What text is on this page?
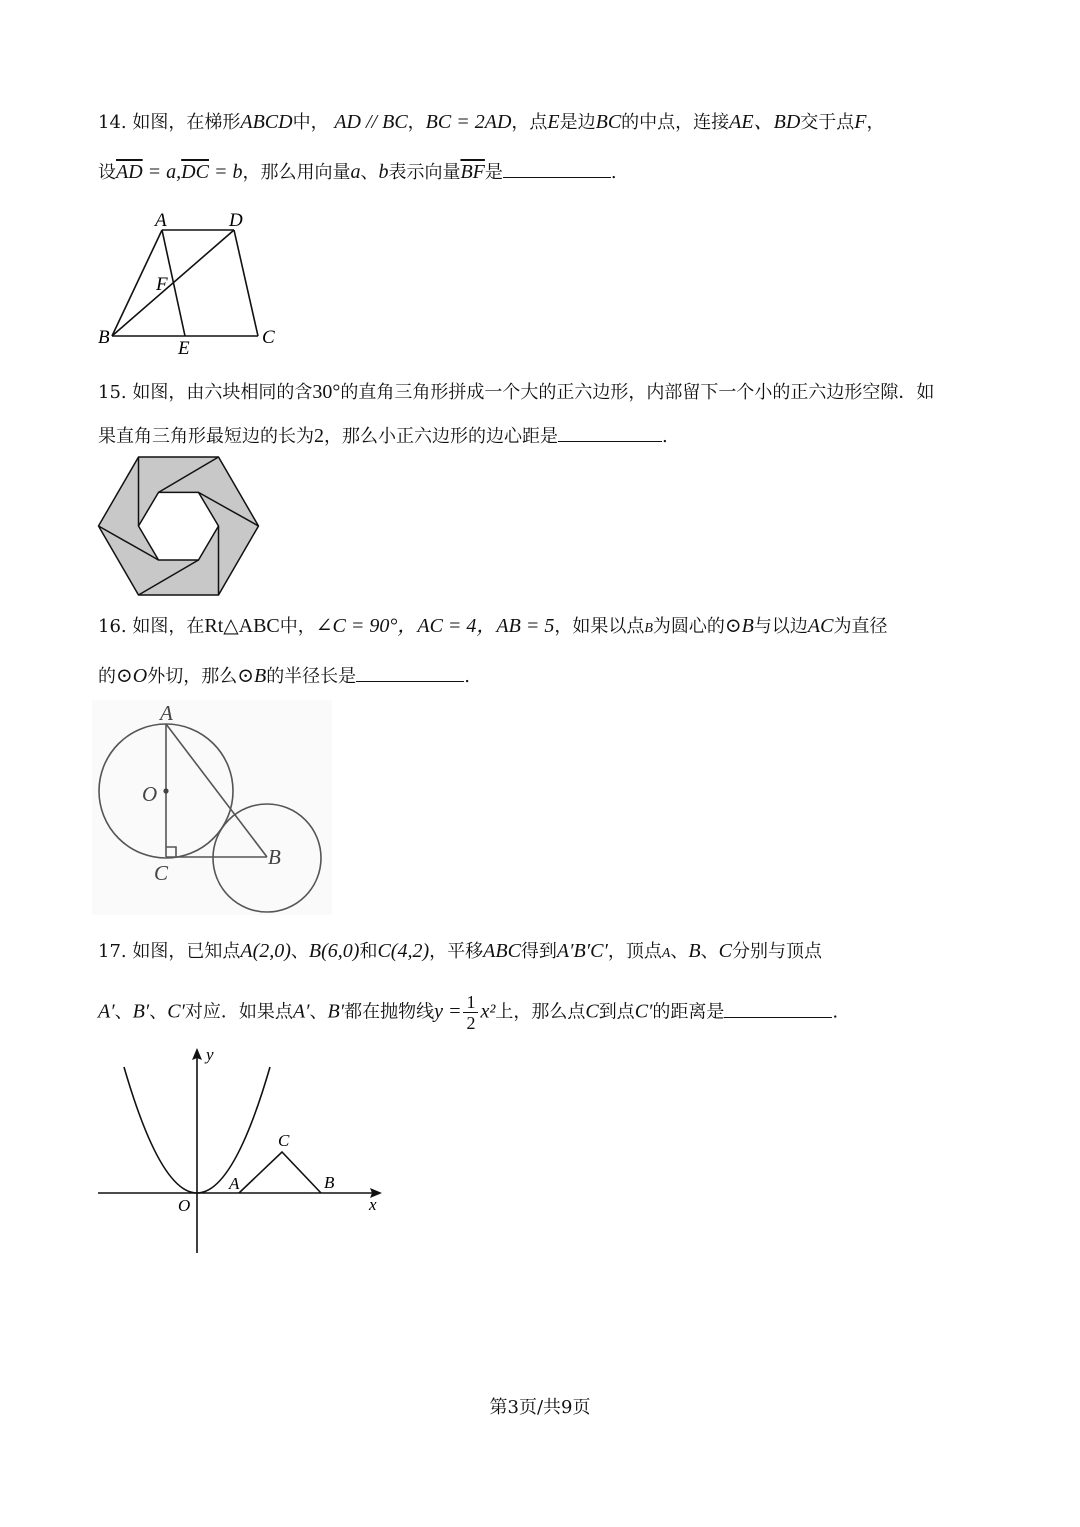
14. 如图，在梯形ABCD中， AD // BC，BC = 2AD，点E是边BC的中点，连接AE、BD交于点F，
设$\overline{AD} = a,\overline{DC} = b$，那么用向量a、b表示向量$\overline{BF}$是	.
A	D
F
B
E
C
15. 如图，由六块相同的含30°的直角三角形拼成一个大的正六边形，内部留下一个小的正六边形空隙．如
果直角三角形最短边的长为2，那么小正六边形的边心距是	.
16. 如图，在Rt△ABC中，∠C = 90°，AC = 4，AB = 5，如果以点B为圆心的⊙B与以边AC为直径
的⊙O外切，那么⊙B的半径长是	.
A
O
C
B
17. 如图，已知点A(2,0)、B(6,0)和C(4,2)，平移ABC得到A′B′C′，顶点A、B、C分别与顶点
A′、B′、C′对应．如果点A′、B′都在抛物线$y = \frac{1}{2} x^2$上，那么点C到点C′的距离是	.
y
x
O
A	B
C
第3页/共9页
